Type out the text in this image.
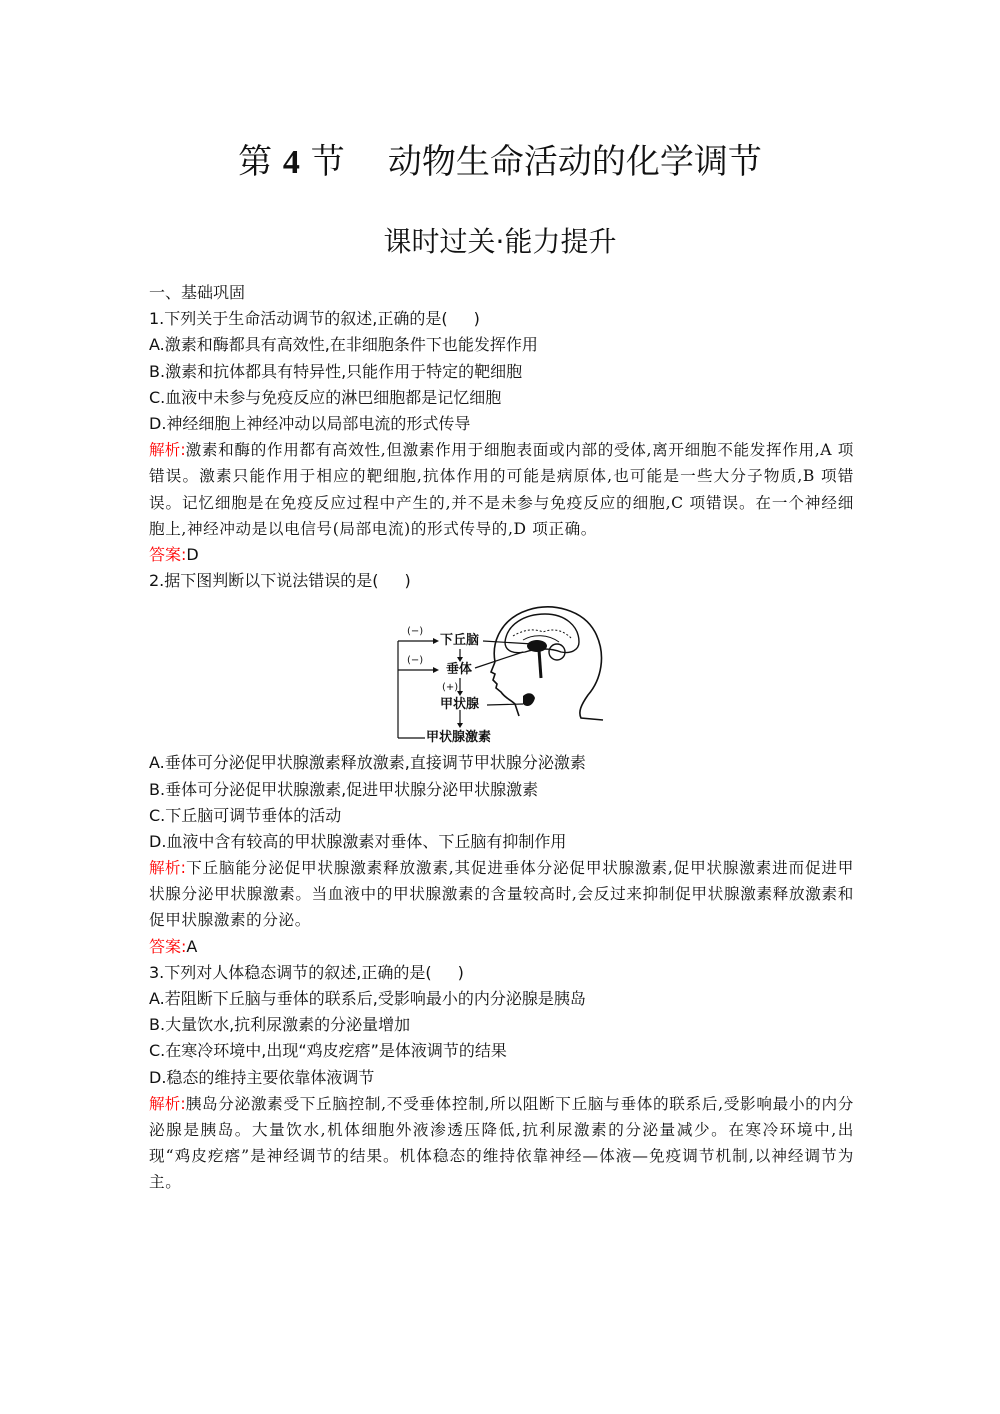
第 4 节 动物生命活动的化学调节
课时过关·能力提升
一、基础巩固
1.下列关于生命活动调节的叙述,正确的是( )
A.激素和酶都具有高效性,在非细胞条件下也能发挥作用
B.激素和抗体都具有特异性,只能作用于特定的靶细胞
C.血液中未参与免疫反应的淋巴细胞都是记忆细胞
D.神经细胞上神经冲动以局部电流的形式传导
解析:激素和酶的作用都有高效性,但激素作用于细胞表面或内部的受体,离开细胞不能发挥作用,A 项错误。激素只能作用于相应的靶细胞,抗体作用的可能是病原体,也可能是一些大分子物质,B 项错误。记忆细胞是在免疫反应过程中产生的,并不是未参与免疫反应的细胞,C 项错误。在一个神经细胞上,神经冲动是以电信号(局部电流)的形式传导的,D 项正确。
答案:D
2.据下图判断以下说法错误的是( )
(−)
(−)
(+)
下丘脑
垂体
甲状腺
甲状腺激素
A.垂体可分泌促甲状腺激素释放激素,直接调节甲状腺分泌激素
B.垂体可分泌促甲状腺激素,促进甲状腺分泌甲状腺激素
C.下丘脑可调节垂体的活动
D.血液中含有较高的甲状腺激素对垂体、下丘脑有抑制作用
解析:下丘脑能分泌促甲状腺激素释放激素,其促进垂体分泌促甲状腺激素,促甲状腺激素进而促进甲状腺分泌甲状腺激素。当血液中的甲状腺激素的含量较高时,会反过来抑制促甲状腺激素释放激素和促甲状腺激素的分泌。
答案:A
3.下列对人体稳态调节的叙述,正确的是( )
A.若阻断下丘脑与垂体的联系后,受影响最小的内分泌腺是胰岛
B.大量饮水,抗利尿激素的分泌量增加
C.在寒冷环境中,出现“鸡皮疙瘩”是体液调节的结果
D.稳态的维持主要依靠体液调节
解析:胰岛分泌激素受下丘脑控制,不受垂体控制,所以阻断下丘脑与垂体的联系后,受影响最小的内分泌腺是胰岛。大量饮水,机体细胞外液渗透压降低,抗利尿激素的分泌量减少。在寒冷环境中,出现“鸡皮疙瘩”是神经调节的结果。机体稳态的维持依靠神经—体液—免疫调节机制,以神经调节为主。
